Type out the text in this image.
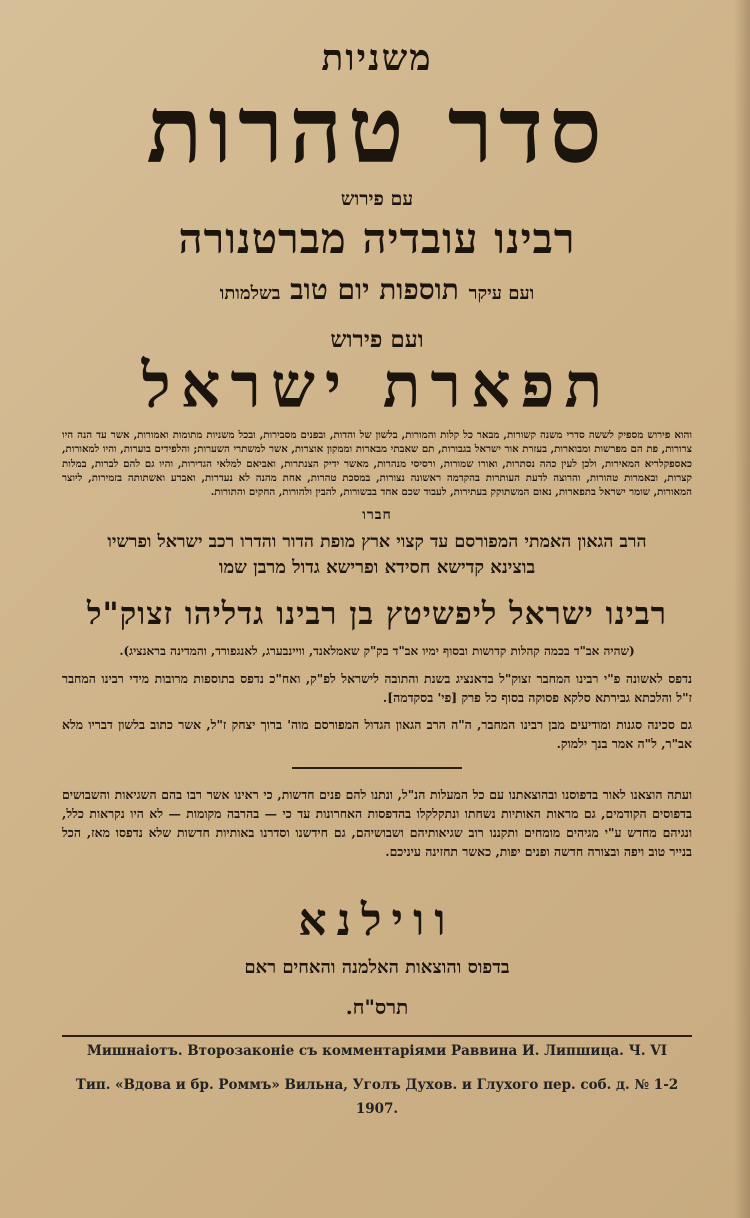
משניות
סדר טהרות
עם פירוש
רבינו עובדיה מברטנורה
ועם עיקר תוספות יום טוב בשלמותו
ועם פירוש
תפארת ישראל
והוא פירוש מספיק לששה סדרי משנה קשורות, מבאר כל קלות והמורות, בלשון של והדות, ובפנים מסבירות, ובכל משניות מתומות ואמורות, אשר עד הנה היו צרורות, פת הם מפרשות ומבוארות, בעזרת אור ישראל בגבורות, תם שאבתי מבארות וממקון אוצרות, אשר למשתרי השערות; והלפידים בוערות, והיו למאורות, כאספקלריא המאירות, ולכן לעין כהה נסתרות, ואורו שמורות, ורסיסי מנהרות, מאשר ידיק הצנתרות, ואביאם למלאי הגדירות, והיו גם להם לברות, במלות קצרות, ובאמרות טהורות, והרוצה לדעת העותרות בהקדמה ראשונה נצורות, במסכת טהרות, אחת מהנה לא נעדרות, ואברע ואשתותה בזמירות, ליוצר המאורות, שומר ישראל בתפארות, נאום המשתוקק בעתירות, לעבוד שכם אחד בבשורות, להבין ולהורות, החקים והתורות.
חברו
הרב הגאון האמתי המפורסם עד קצוי ארץ מופת הדור והדרו רכב ישראל ופרשיו
בוצינא קדישא חסידא ופרישא גדול מרבן שמו
רבינו ישראל ליפשיטץ בן רבינו גדליהו זצוק"ל
(שהיה אב"ד בכמה קהלות קדושות ובסוף ימיו אב"ד בק"ק שאמלאנד, וויינבערג, לאנגפורד, והמדינה בראנציג).
נדפס לאשונה פ"י רבינו המחבר זצוק"ל בדאנציג בשנת והתובה לישראל לפ"ק, ואח"כ נדפס בתוספות מרובות מידי רבינו המחבר ז"ל והלכתא גבירתא סלקא פסוקה בסוף כל פרק [פי' בסקדמה].
גם סכינה סגנות ומודיעים מבן רבינו המחבר, ה"ה הרב הגאון הגדול המפורסם מוה' ברוך יצחק ז"ל, אשר כתוב בלשון דבריו מלא אב"ר, ל"ה אמר בנך ילמוק.
ועתה הוצאנו לאור בדפוסנו ובהוצאתנו עם כל המעלות הנ"ל, ונתנו להם פנים חדשות, כי ראינו אשר רבו בהם השגיאות והשבושים בדפוסים הקודמים, גם מראות האותיות נשחתו ונתקלקלו בהדפסות האחרונות עד כי — בהרבה מקומות — לא היו נקראות כלל, ונגיהם מחדש ע"י מגיהים מומחים ותקננו רוב שגיאותיהם ושבושיהם, גם חידשנו וסדרנו באותיות חדשות שלא נדפסו מאז, הכל בנייר טוב ויפה ובצורה חדשה ופנים יפות, כאשר תחזינה עיניכם.
ווילנא
בדפוס והוצאות האלמנה והאחים ראם
תרס"ח.
Мишнаіотъ. Второзаконіе съ комментаріями Раввина И. Липшица. Ч. VI
Тип. «Вдова и бр. Роммъ» Вильна, Уголъ Духов. и Глухого пер. соб. д. № 1-2
1907.
